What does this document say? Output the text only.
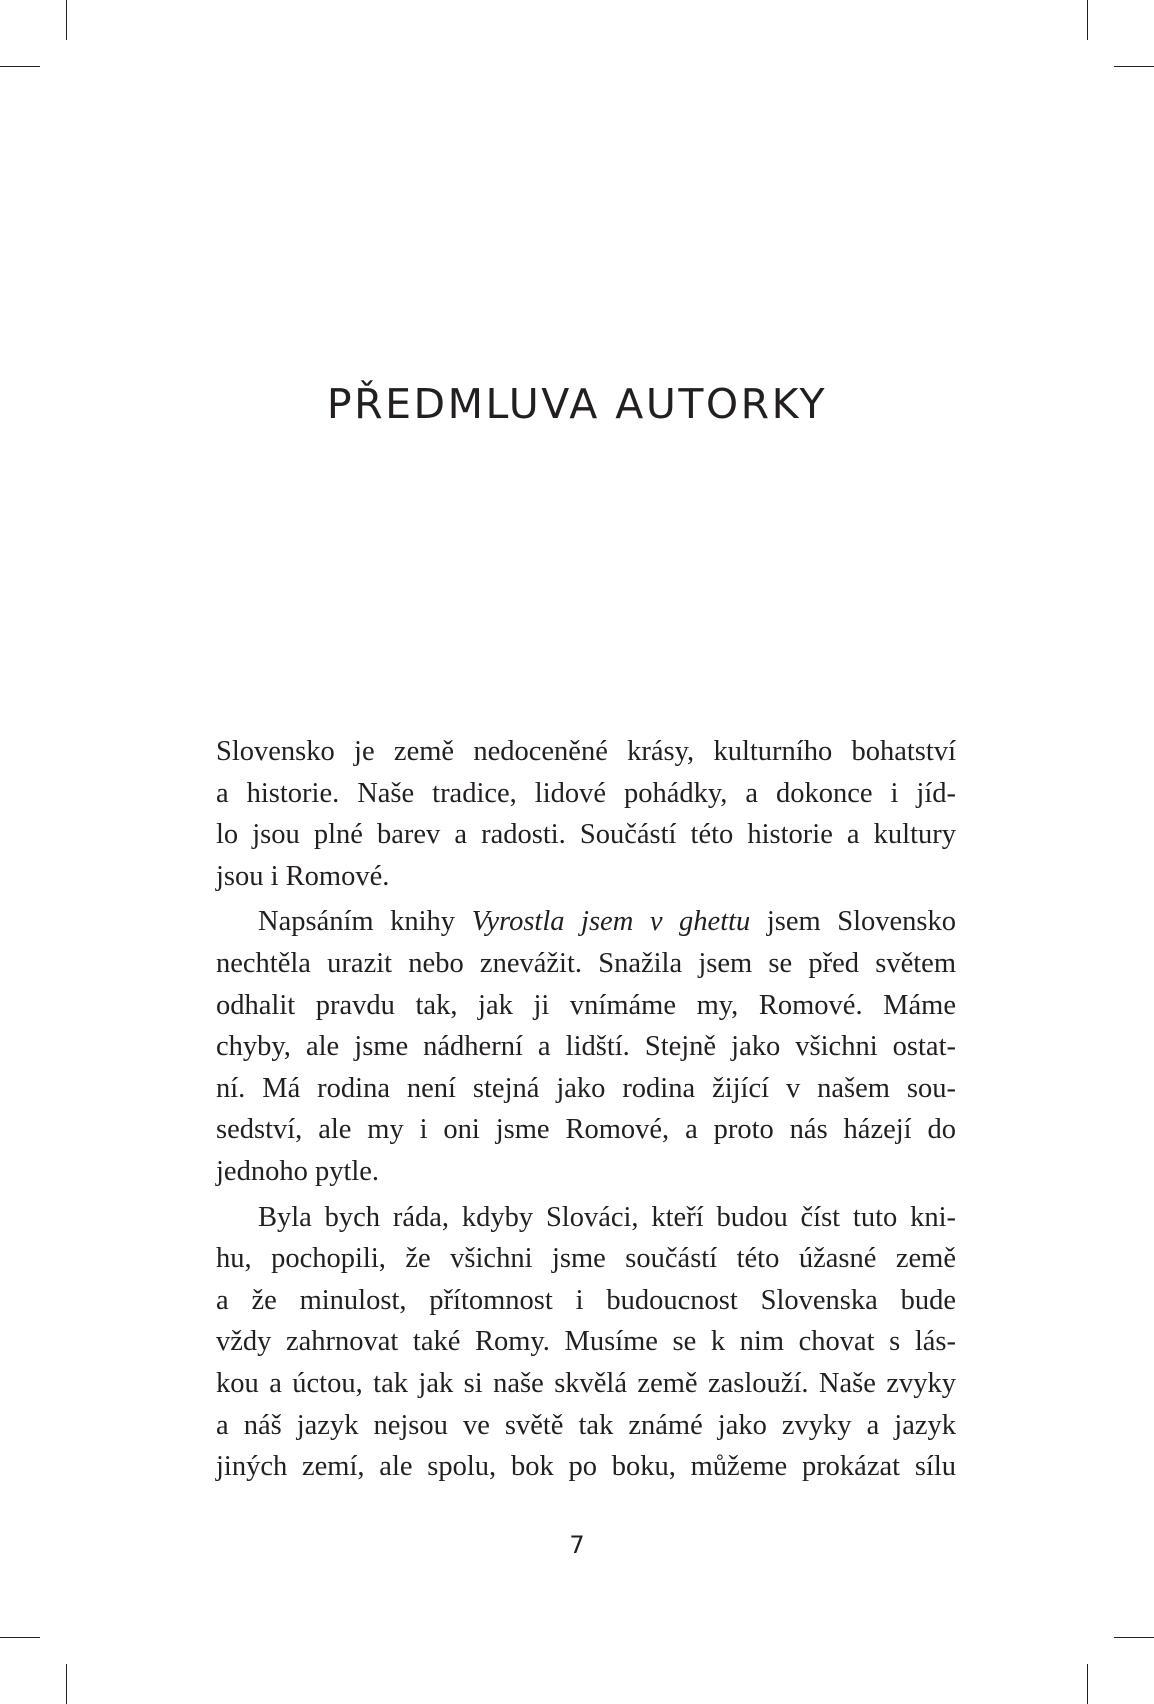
PŘEDMLUVA AUTORKY
Slovensko je země nedoceněné krásy, kulturního bohatství
a historie. Naše tradice, lidové pohádky, a dokonce i jíd-
lo jsou plné barev a radosti. Součástí této historie a kultury
jsou i Romové.
Napsáním knihy Vyrostla jsem v ghettu jsem Slovensko
nechtěla urazit nebo znevážit. Snažila jsem se před světem
odhalit pravdu tak, jak ji vnímáme my, Romové. Máme
chyby, ale jsme nádherní a lidští. Stejně jako všichni ostat-
ní. Má rodina není stejná jako rodina žijící v našem sou-
sedství, ale my i oni jsme Romové, a proto nás házejí do
jednoho pytle.
Byla bych ráda, kdyby Slováci, kteří budou číst tuto kni-
hu, pochopili, že všichni jsme součástí této úžasné země
a že minulost, přítomnost i budoucnost Slovenska bude
vždy zahrnovat také Romy. Musíme se k nim chovat s lás-
kou a úctou, tak jak si naše skvělá země zaslouží. Naše zvyky
a náš jazyk nejsou ve světě tak známé jako zvyky a jazyk
jiných zemí, ale spolu, bok po boku, můžeme prokázat sílu
7
